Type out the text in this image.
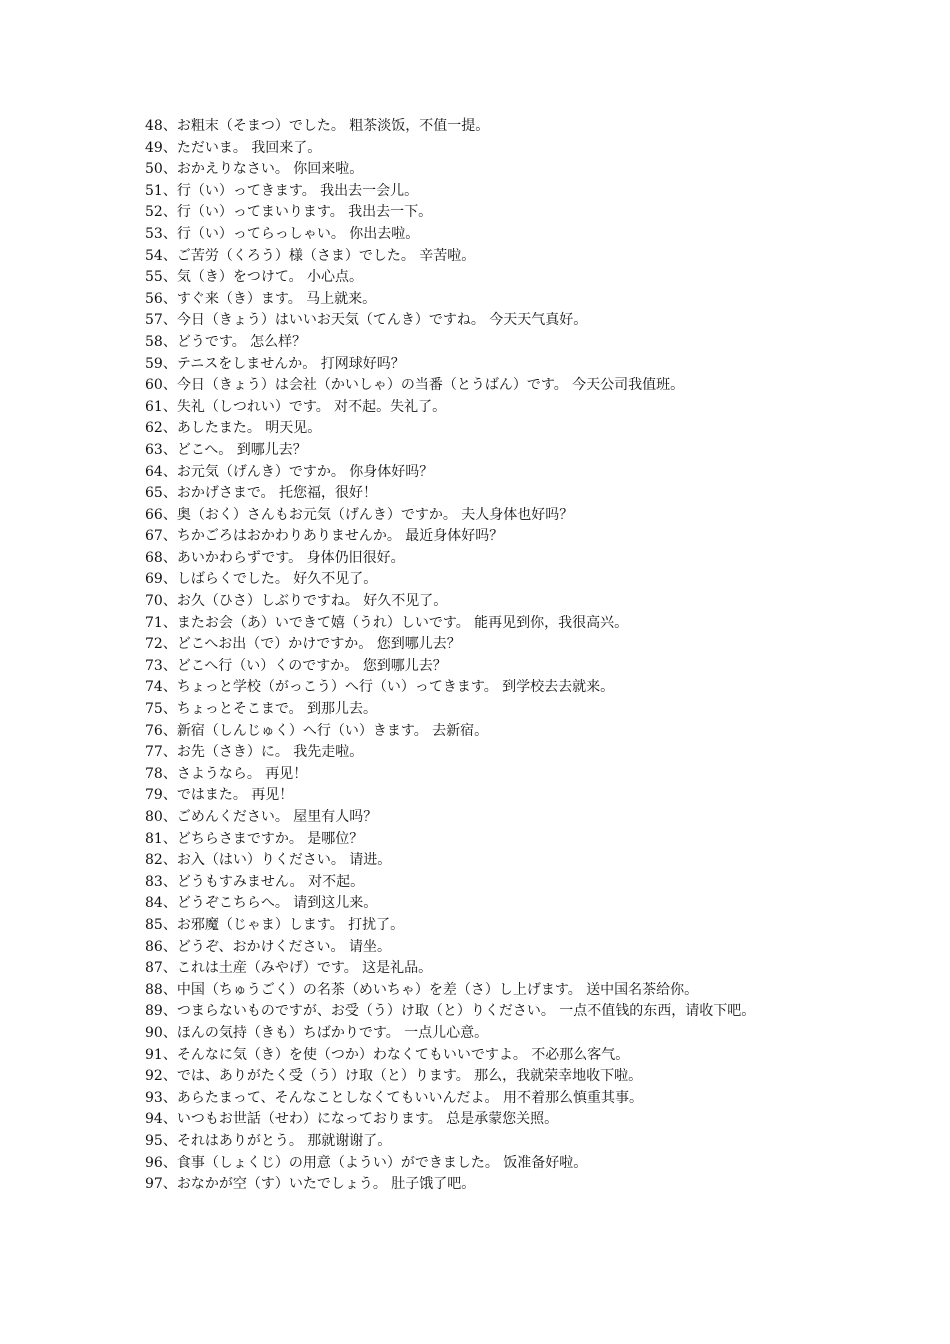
48、お粗末（そまつ）でした。 粗茶淡饭，不值一提。
49、ただいま。 我回来了。
50、おかえりなさい。 你回来啦。
51、行（い）ってきます。 我出去一会儿。
52、行（い）ってまいります。 我出去一下。
53、行（い）ってらっしゃい。 你出去啦。
54、ご苦労（くろう）様（さま）でした。 辛苦啦。
55、気（き）をつけて。 小心点。
56、すぐ来（き）ます。 马上就来。
57、今日（きょう）はいいお天気（てんき）ですね。 今天天气真好。
58、どうです。 怎么样？
59、テニスをしませんか。 打网球好吗？
60、今日（きょう）は会社（かいしゃ）の当番（とうばん）です。 今天公司我值班。
61、失礼（しつれい）です。 对不起。失礼了。
62、あしたまた。 明天见。
63、どこへ。 到哪儿去？
64、お元気（げんき）ですか。 你身体好吗？
65、おかげさまで。 托您福，很好！
66、奥（おく）さんもお元気（げんき）ですか。 夫人身体也好吗？
67、ちかごろはおかわりありませんか。 最近身体好吗？
68、あいかわらずです。 身体仍旧很好。
69、しばらくでした。 好久不见了。
70、お久（ひさ）しぶりですね。 好久不见了。
71、またお会（あ）いできて嬉（うれ）しいです。 能再见到你，我很高兴。
72、どこへお出（で）かけですか。 您到哪儿去？
73、どこへ行（い）くのですか。 您到哪儿去？
74、ちょっと学校（がっこう）へ行（い）ってきます。 到学校去去就来。
75、ちょっとそこまで。 到那儿去。
76、新宿（しんじゅく）へ行（い）きます。 去新宿。
77、お先（さき）に。 我先走啦。
78、さようなら。 再见！
79、ではまた。 再见！
80、ごめんください。 屋里有人吗？
81、どちらさまですか。 是哪位？
82、お入（はい）りください。 请进。
83、どうもすみません。 对不起。
84、どうぞこちらへ。 请到这儿来。
85、お邪魔（じゃま）します。 打扰了。
86、どうぞ、おかけください。 请坐。
87、これは土産（みやげ）です。 这是礼品。
88、中国（ちゅうごく）の名茶（めいちゃ）を差（さ）し上げます。 送中国名茶给你。
89、つまらないものですが、お受（う）け取（と）りください。 一点不值钱的东西，请收下吧。
90、ほんの気持（きも）ちばかりです。 一点儿心意。
91、そんなに気（き）を使（つか）わなくてもいいですよ。 不必那么客气。
92、では、ありがたく受（う）け取（と）ります。 那么，我就荣幸地收下啦。
93、あらたまって、そんなことしなくてもいいんだよ。 用不着那么慎重其事。
94、いつもお世話（せわ）になっております。 总是承蒙您关照。
95、それはありがとう。 那就谢谢了。
96、食事（しょくじ）の用意（ようい）ができました。 饭准备好啦。
97、おなかが空（す）いたでしょう。 肚子饿了吧。
